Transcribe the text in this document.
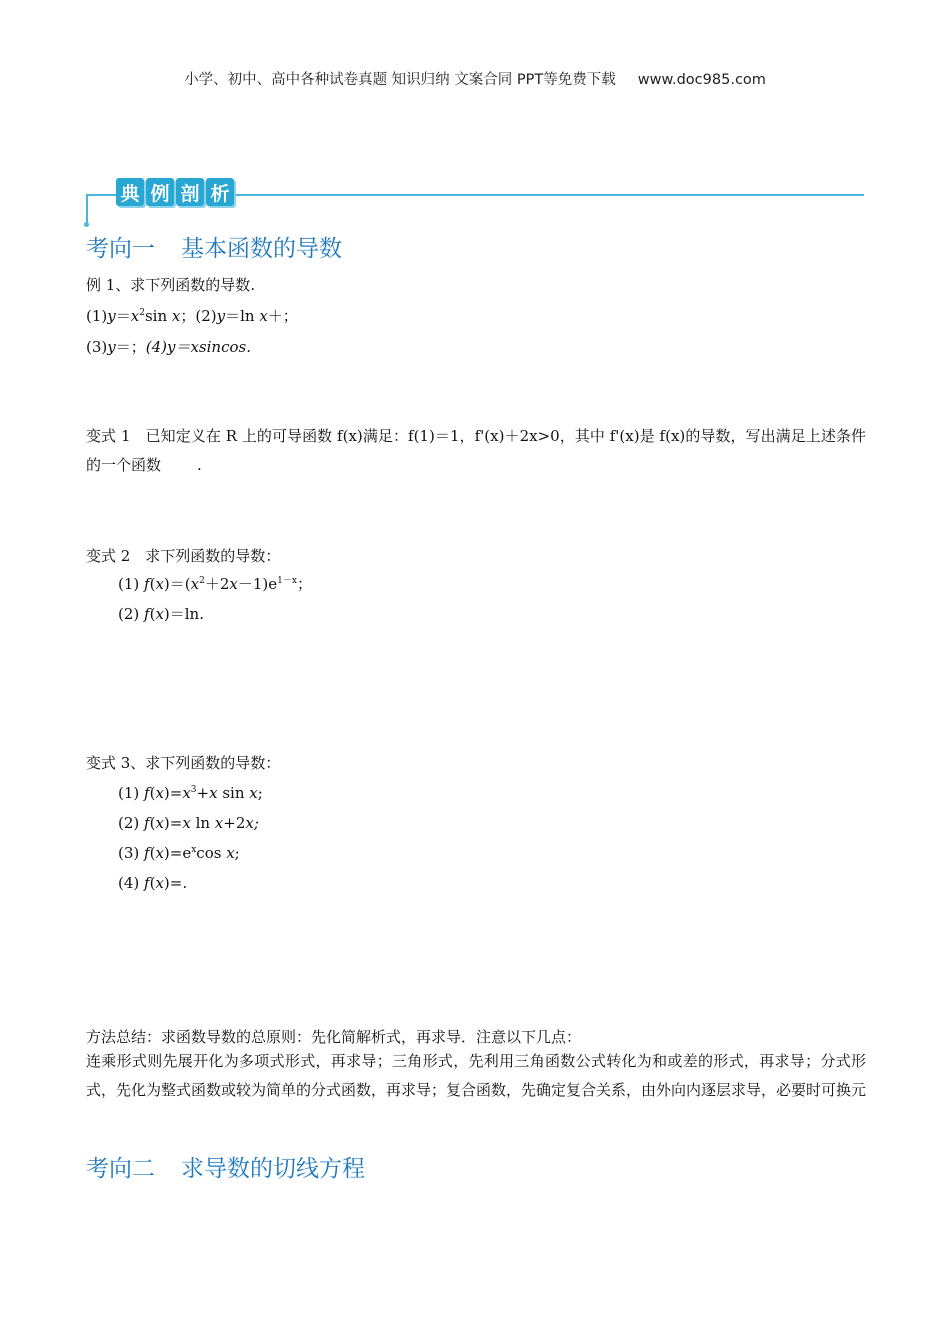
小学、初中、高中各种试卷真题 知识归纳 文案合同 PPT等免费下载 www.doc985.com
典 例 剖 析
考向一 基本函数的导数
例 1、求下列函数的导数.
$(1)y=x^2\sin$ x；(2)y＝ln x＋；
(3)y＝；(4)y＝xsincos.
变式 1　已知定义在 R 上的可导函数 f(x)满足：f(1)＝1，f'(x)＋2x>0，其中 f'(x)是 f(x)的导数，写出满足上述条件的一个函数 .
变式 2　求下列函数的导数：
(1) $f(x)=(x^2+2x-1)e^{1-x}$；
(2) f(x)＝ln.
变式 3、求下列函数的导数：
(1) $f(x)=x^3+x$ sin x;
(2) f(x)=x ln x+2x;
(3) $f(x)=e^x\cos$ x;
(4) f(x)=.
方法总结：求函数导数的总原则：先化简解析式，再求导．注意以下几点：
连乘形式则先展开化为多项式形式，再求导；三角形式，先利用三角函数公式转化为和或差的形式，再求导；分式形式，先化为整式函数或较为简单的分式函数，再求导；复合函数，先确定复合关系，由外向内逐层求导，必要时可换元
考向二 求导数的切线方程
